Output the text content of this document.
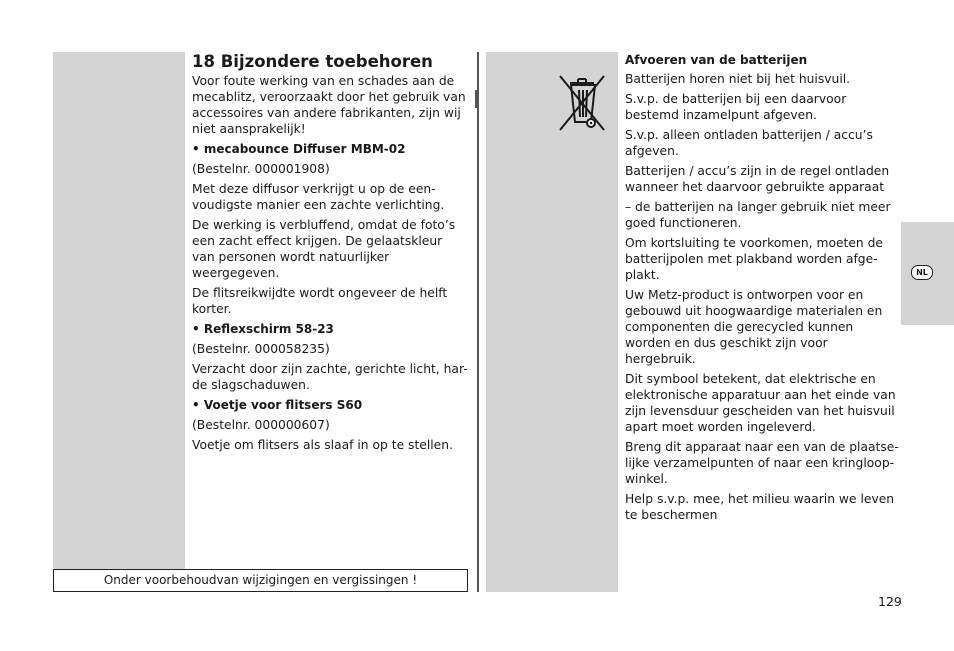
18 Bijzondere toebehoren

Voor foute werking van en schades aan de mecablitz, veroorzaakt door het gebruik van accessoires van andere fabrikanten, zijn wij niet aansprakelijk!

• mecabounce Diffuser MBM-02

(Bestelnr. 000001908)

Met deze diffusor verkrijgt u op de een-voudigste manier een zachte verlichting.

De werking is verbluffend, omdat de foto’s een zacht effect krijgen. De gelaatskleur van personen wordt natuurlijker weergegeven.

De flitsreikwijdte wordt ongeveer de helft korter.

• Reflexschirm 58-23

(Bestelnr. 000058235)

Verzacht door zijn zachte, gerichte licht, har-de slagschaduwen.

• Voetje voor flitsers S60

(Bestelnr. 000000607)

Voetje om flitsers als slaaf in op te stellen.

Onder voorbehoudvan wijzigingen en vergissingen !
Afvoeren van de batterijen

Batterijen horen niet bij het huisvuil.

S.v.p. de batterijen bij een daarvoor bestemd inzamelpunt afgeven.

S.v.p. alleen ontladen batterijen / accu’s afgeven.

Batterijen / accu’s zijn in de regel ontladen wanneer het daarvoor gebruikte apparaat

– de batterijen na langer gebruik niet meer goed functioneren.

Om kortsluiting te voorkomen, moeten de batterijpolen met plakband worden afge-plakt.

Uw Metz-product is ontworpen voor en gebouwd uit hoogwaardige materialen en componenten die gerecycled kunnen worden en dus geschikt zijn voor hergebruik.

Dit symbool betekent, dat elektrische en elektronische apparatuur aan het einde van zijn levensduur gescheiden van het huisvuil apart moet worden ingeleverd.

Breng dit apparaat naar een van de plaatse-lijke verzamelpunten of naar een kringloop-winkel.

Help s.v.p. mee, het milieu waarin we leven te beschermen

NL
129
